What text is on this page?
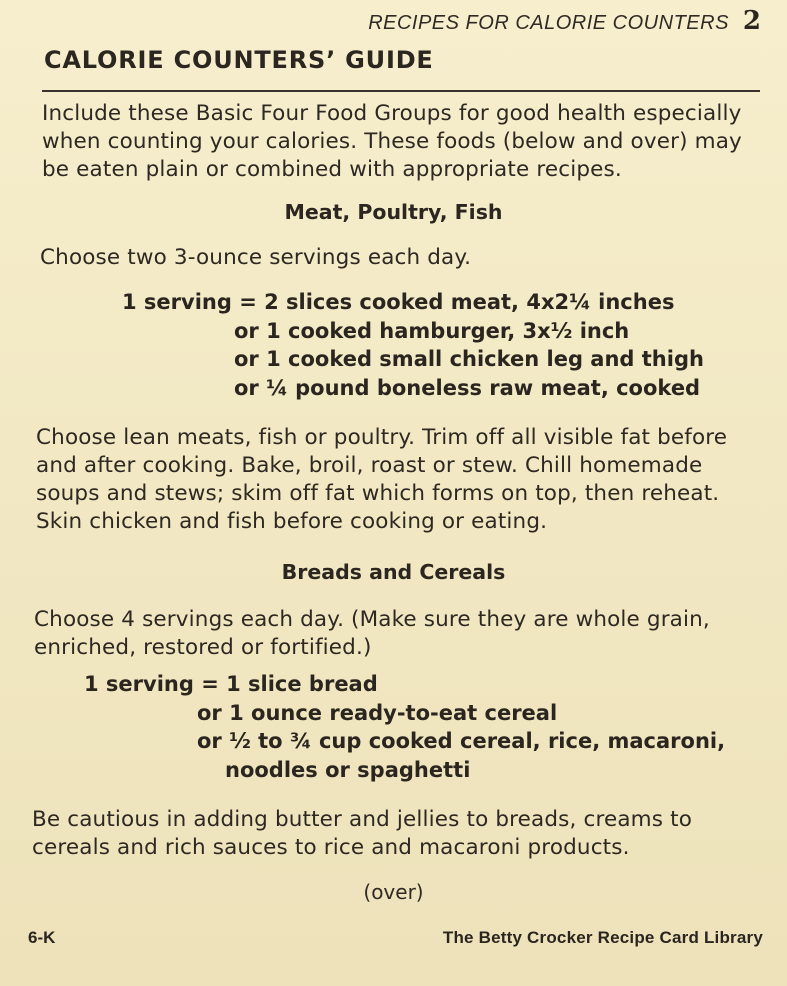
RECIPES FOR CALORIE COUNTERS 2
CALORIE COUNTERS’ GUIDE
Include these Basic Four Food Groups for good health especially
when counting your calories. These foods (below and over) may
be eaten plain or combined with appropriate recipes.
Meat, Poultry, Fish
Choose two 3-ounce servings each day.
1 serving = 2 slices cooked meat, 4x2¼ inches
or 1 cooked hamburger, 3x½ inch
or 1 cooked small chicken leg and thigh
or ¼ pound boneless raw meat, cooked
Choose lean meats, fish or poultry. Trim off all visible fat before
and after cooking. Bake, broil, roast or stew. Chill homemade
soups and stews; skim off fat which forms on top, then reheat.
Skin chicken and fish before cooking or eating.
Breads and Cereals
Choose 4 servings each day. (Make sure they are whole grain,
enriched, restored or fortified.)
1 serving = 1 slice bread
or 1 ounce ready-to-eat cereal
or ½ to ¾ cup cooked cereal, rice, macaroni,
noodles or spaghetti
Be cautious in adding butter and jellies to breads, creams to
cereals and rich sauces to rice and macaroni products.
(over)
6-K	The Betty Crocker Recipe Card Library
